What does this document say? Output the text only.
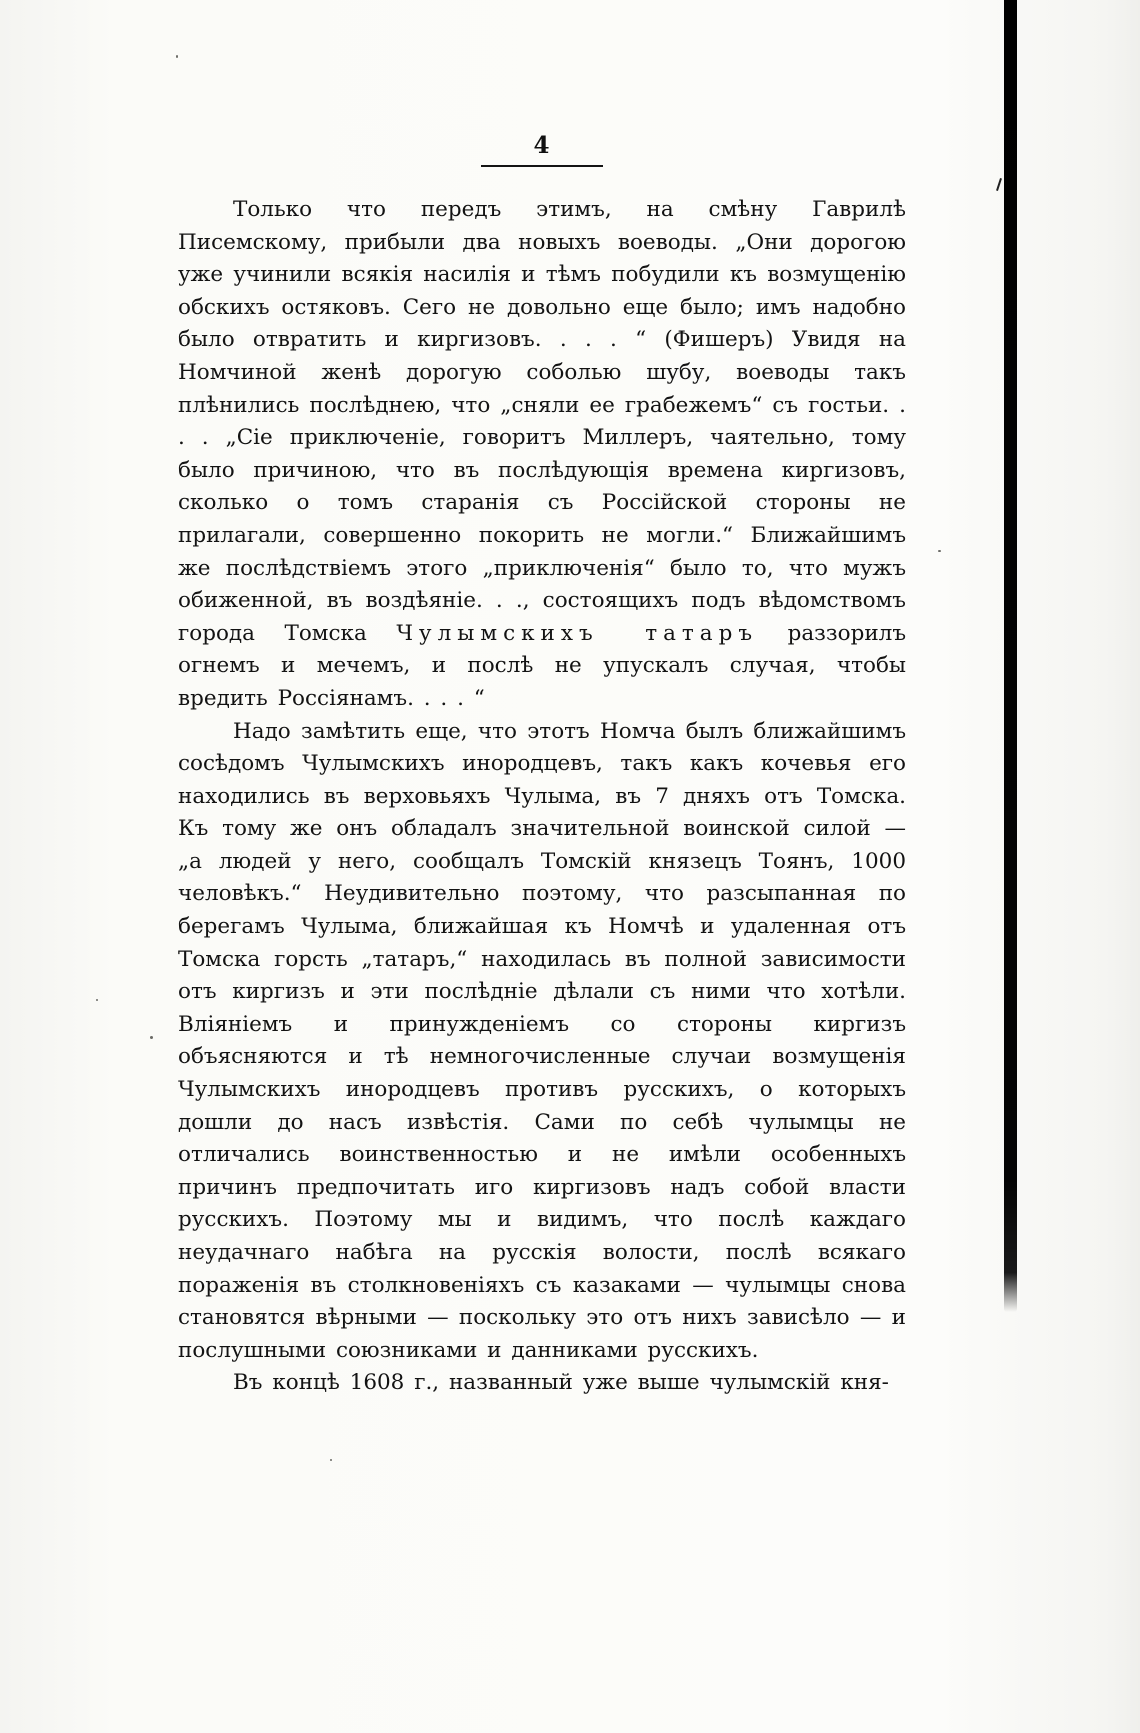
4

Только что передъ этимъ, на смѣну Гаврилѣ Писемскому, прибыли два новыхъ воеводы. „Они дорогою уже учинили всякія насилія и тѣмъ побудили къ возмущенію обскихъ остяковъ. Сего не довольно еще было; имъ надобно было отвратить и киргизовъ. . . . “ (Фишеръ) Увидя на Номчиной женѣ дорогую соболью шубу, воеводы такъ плѣнились послѣднею, что „сняли ее грабежемъ“ съ гостьи. . . . „Сіе приключеніе, говоритъ Миллеръ, чаятельно, тому было причиною, что въ послѣдующія времена киргизовъ, сколько о томъ старанія съ Россійской стороны не прилагали, совершенно покорить не могли.“ Ближайшимъ же послѣдствіемъ этого „приключенія“ было то, что мужъ обиженной, въ воздѣяніе. . ., состоящихъ подъ вѣдомствомъ города Томска Чулымскихъ татаръ раззорилъ огнемъ и мечемъ, и послѣ не упускалъ случая, чтобы вредить Россіянамъ. . . . “

Надо замѣтить еще, что этотъ Номча былъ ближайшимъ сосѣдомъ Чулымскихъ инородцевъ, такъ какъ кочевья его находились въ верховьяхъ Чулыма, въ 7 дняхъ отъ Томска. Къ тому же онъ обладалъ значительной воинской силой — „а людей у него, сообщалъ Томскій князецъ Тоянъ, 1000 человѣкъ.“ Неудивительно поэтому, что разсыпанная по берегамъ Чулыма, ближайшая къ Номчѣ и удаленная отъ Томска горсть „татаръ,“ находилась въ полной зависимости отъ киргизъ и эти послѣдніе дѣлали съ ними что хотѣли. Вліяніемъ и принужденіемъ со стороны киргизъ объясняются и тѣ немногочисленные случаи возмущенія Чулымскихъ инородцевъ противъ русскихъ, о которыхъ дошли до насъ извѣстія. Сами по себѣ чулымцы не отличались воинственностью и не имѣли особенныхъ причинъ предпочитать иго киргизовъ надъ собой власти русскихъ. Поэтому мы и видимъ, что послѣ каждаго неудачнаго набѣга на русскія волости, послѣ всякаго пораженія въ столкновеніяхъ съ казаками — чулымцы снова становятся вѣрными — поскольку это отъ нихъ зависѣло — и послушными союзниками и данниками русскихъ.

Въ концѣ 1608 г., названный уже выше чулымскій кня-
